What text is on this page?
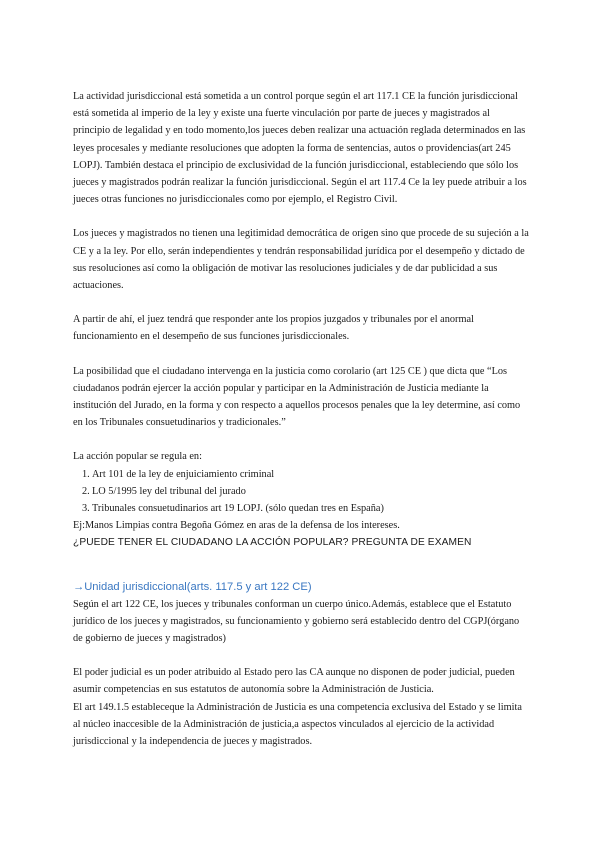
La actividad jurisdiccional está sometida a un control porque según el art 117.1 CE la función jurisdiccional está sometida al imperio de la ley y existe una fuerte vinculación por parte de jueces y magistrados al principio de legalidad y en todo momento,los jueces deben realizar una actuación reglada determinados en las leyes procesales y mediante resoluciones que adopten la forma de sentencias, autos o providencias(art 245 LOPJ). También destaca el principio de exclusividad de la función jurisdiccional, estableciendo que sólo los jueces y magistrados podrán realizar la función jurisdiccional. Según el art 117.4 Ce la ley puede atribuir a los jueces otras funciones no jurisdiccionales como por ejemplo, el Registro Civil.

Los jueces y magistrados no tienen una legitimidad democrática de origen sino que procede de su sujeción a la CE y a la ley. Por ello, serán independientes y tendrán responsabilidad jurídica por el desempeño y dictado de sus resoluciones así como la obligación de motivar las resoluciones judiciales y de dar publicidad a sus actuaciones.

A partir de ahí, el juez tendrá que responder ante los propios juzgados y tribunales por el anormal funcionamiento en el desempeño de sus funciones jurisdiccionales.

La posibilidad que el ciudadano intervenga en la justicia como corolario (art 125 CE ) que dicta que “Los ciudadanos podrán ejercer la acción popular y participar en la Administración de Justicia mediante la institución del Jurado, en la forma y con respecto a aquellos procesos penales que la ley determine, así como en los Tribunales consuetudinarios y tradicionales.”

La acción popular se regula en:

1. Art 101 de la ley de enjuiciamiento criminal
2. LO 5/1995 ley del tribunal del jurado
3. Tribunales consuetudinarios art 19 LOPJ. (sólo quedan tres en España)

Ej:Manos Limpias contra Begoña Gómez en aras de la defensa de los intereses.

¿PUEDE TENER EL CIUDADANO LA ACCIÓN POPULAR? PREGUNTA DE EXAMEN

→Unidad jurisdiccional(arts. 117.5 y art 122 CE)

Según el art 122 CE, los jueces y tribunales conforman un cuerpo único.Además, establece que el Estatuto jurídico de los jueces y magistrados, su funcionamiento y gobierno será establecido dentro del CGPJ(órgano de gobierno de jueces y magistrados)

El poder judicial es un poder atribuido al Estado pero las CA aunque no disponen de poder judicial, pueden asumir competencias en sus estatutos de autonomía sobre la Administración de Justicia.

El art 149.1.5 estableceque la Administración de Justicia es una competencia exclusiva del Estado y se limita al núcleo inaccesible de la Administración de justicia,a aspectos vinculados al ejercicio de la actividad jurisdiccional y la independencia de jueces y magistrados.
